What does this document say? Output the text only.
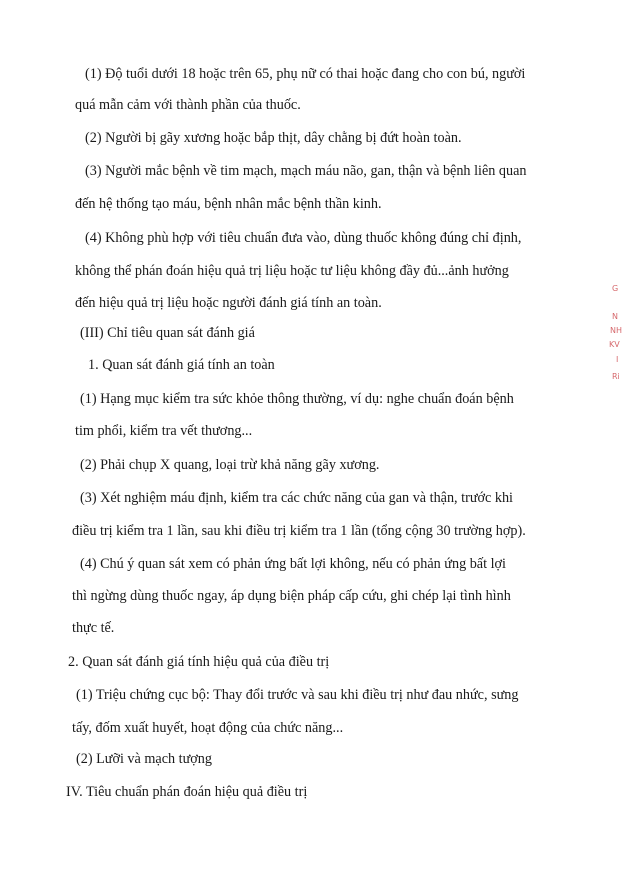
(1) Độ tuổi dưới 18 hoặc trên 65, phụ nữ có thai hoặc đang cho con bú, người
quá mẫn cảm với thành phần của thuốc.
(2) Người bị gãy xương hoặc bắp thịt, dây chằng bị đứt hoàn toàn.
(3) Người mắc bệnh về tim mạch, mạch máu não, gan, thận và bệnh liên quan
đến hệ thống tạo máu, bệnh nhân mắc bệnh thần kinh.
(4) Không phù hợp với tiêu chuẩn đưa vào, dùng thuốc không đúng chỉ định,
không thể phán đoán hiệu quả trị liệu hoặc tư liệu không đầy đủ...ảnh hưởng
đến hiệu quả trị liệu hoặc người đánh giá tính an toàn.
(III) Chỉ tiêu quan sát đánh giá
1. Quan sát đánh giá tính an toàn
(1) Hạng mục kiểm tra sức khỏe thông thường, ví dụ: nghe chuẩn đoán bệnh
tim phổi, kiểm tra vết thương...
(2) Phải chụp X quang, loại trừ khả năng gãy xương.
(3) Xét nghiệm máu định, kiểm tra các chức năng của gan và thận, trước khi
điều trị kiểm tra 1 lần, sau khi điều trị kiểm tra 1 lần (tổng cộng 30 trường hợp).
(4) Chú ý quan sát xem có phản ứng bất lợi không, nếu có phản ứng bất lợi
thì ngừng dùng thuốc ngay, áp dụng biện pháp cấp cứu, ghi chép lại tình hình
thực tế.
2. Quan sát đánh giá tính hiệu quả của điều trị
(1) Triệu chứng cục bộ: Thay đổi trước và sau khi điều trị như đau nhức, sưng
tấy, đốm xuất huyết, hoạt động của chức năng...
(2) Lưỡi và mạch tượng
IV. Tiêu chuẩn phán đoán hiệu quả điều trị
G
N
NH
KV
I
Ri
